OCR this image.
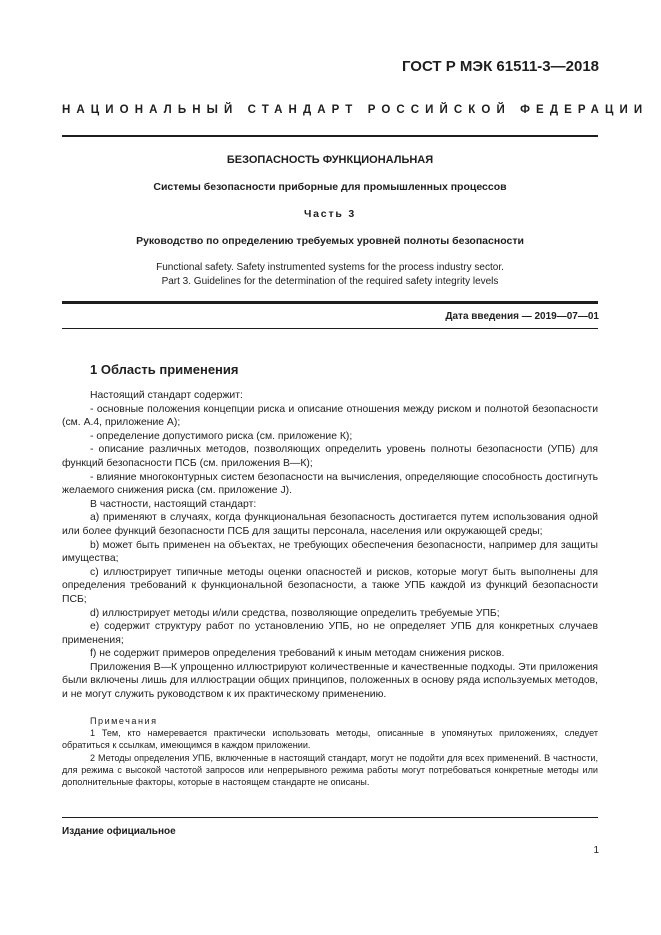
ГОСТ Р МЭК 61511-3—2018
НАЦИОНАЛЬНЫЙ СТАНДАРТ РОССИЙСКОЙ ФЕДЕРАЦИИ
БЕЗОПАСНОСТЬ ФУНКЦИОНАЛЬНАЯ
Системы безопасности приборные для промышленных процессов
Часть 3
Руководство по определению требуемых уровней полноты безопасности
Functional safety. Safety instrumented systems for the process industry sector.
Part 3. Guidelines for the determination of the required safety integrity levels
Дата введения — 2019—07—01
1 Область применения

Настоящий стандарт содержит:

- основные положения концепции риска и описание отношения между риском и полнотой безопасности (см. А.4, приложение А);

- определение допустимого риска (см. приложение К);

- описание различных методов, позволяющих определить уровень полноты безопасности (УПБ) для функций безопасности ПСБ (см. приложения В—К);

- влияние многоконтурных систем безопасности на вычисления, определяющие способность достигнуть желаемого снижения риска (см. приложение J).

В частности, настоящий стандарт:

а) применяют в случаях, когда функциональная безопасность достигается путем использования одной или более функций безопасности ПСБ для защиты персонала, населения или окружающей среды;

b) может быть применен на объектах, не требующих обеспечения безопасности, например для защиты имущества;

c) иллюстрирует типичные методы оценки опасностей и рисков, которые могут быть выполнены для определения требований к функциональной безопасности, а также УПБ каждой из функций безопасности ПСБ;

d) иллюстрирует методы и/или средства, позволяющие определить требуемые УПБ;

e) содержит структуру работ по установлению УПБ, но не определяет УПБ для конкретных случаев применения;

f) не содержит примеров определения требований к иным методам снижения рисков.

Приложения В—К упрощенно иллюстрируют количественные и качественные подходы. Эти приложения были включены лишь для иллюстрации общих принципов, положенных в основу ряда используемых методов, и не могут служить руководством к их практическому применению.

Примечания

1 Тем, кто намеревается практически использовать методы, описанные в упомянутых приложениях, следует обратиться к ссылкам, имеющимся в каждом приложении.

2 Методы определения УПБ, включенные в настоящий стандарт, могут не подойти для всех применений. В частности, для режима с высокой частотой запросов или непрерывного режима работы могут потребоваться конкретные методы или дополнительные факторы, которые в настоящем стандарте не описаны.

Издание официальное
1
